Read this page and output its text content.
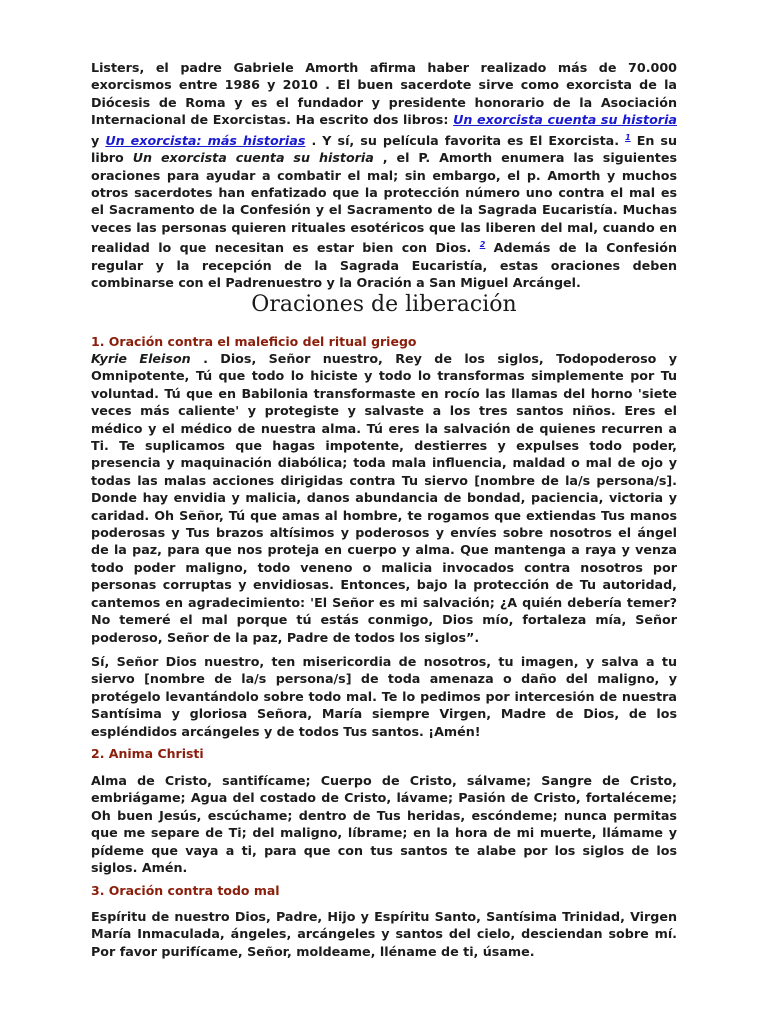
Listers, el padre Gabriele Amorth afirma haber realizado más de 70.000 exorcismos entre 1986 y 2010 . El buen sacerdote sirve como exorcista de la Diócesis de Roma y es el fundador y presidente honorario de la Asociación Internacional de Exorcistas. Ha escrito dos libros: Un exorcista cuenta su historia y Un exorcista: más historias . Y sí, su película favorita es El Exorcista. $^1$ En su libro Un exorcista cuenta su historia , el P. Amorth enumera las siguientes oraciones para ayudar a combatir el mal; sin embargo, el p. Amorth y muchos otros sacerdotes han enfatizado que la protección número uno contra el mal es el Sacramento de la Confesión y el Sacramento de la Sagrada Eucaristía. Muchas veces las personas quieren rituales esotéricos que las liberen del mal, cuando en realidad lo que necesitan es estar bien con Dios. $^2$ Además de la Confesión regular y la recepción de la Sagrada Eucaristía, estas oraciones deben combinarse con el Padrenuestro y la Oración a San Miguel Arcángel.

Oraciones de liberación
1. Oración contra el maleficio del ritual griego

Kyrie Eleison . Dios, Señor nuestro, Rey de los siglos, Todopoderoso y Omnipotente, Tú que todo lo hiciste y todo lo transformas simplemente por Tu voluntad. Tú que en Babilonia transformaste en rocío las llamas del horno 'siete veces más caliente' y protegiste y salvaste a los tres santos niños. Eres el médico y el médico de nuestra alma. Tú eres la salvación de quienes recurren a Ti. Te suplicamos que hagas impotente, destierres y expulses todo poder, presencia y maquinación diabólica; toda mala influencia, maldad o mal de ojo y todas las malas acciones dirigidas contra Tu siervo [nombre de la/s persona/s]. Donde hay envidia y malicia, danos abundancia de bondad, paciencia, victoria y caridad. Oh Señor, Tú que amas al hombre, te rogamos que extiendas Tus manos poderosas y Tus brazos altísimos y poderosos y envíes sobre nosotros el ángel de la paz, para que nos proteja en cuerpo y alma. Que mantenga a raya y venza todo poder maligno, todo veneno o malicia invocados contra nosotros por personas corruptas y envidiosas. Entonces, bajo la protección de Tu autoridad, cantemos en agradecimiento: 'El Señor es mi salvación; ¿A quién debería temer? No temeré el mal porque tú estás conmigo, Dios mío, fortaleza mía, Señor poderoso, Señor de la paz, Padre de todos los siglos”.

Sí, Señor Dios nuestro, ten misericordia de nosotros, tu imagen, y salva a tu siervo [nombre de la/s persona/s] de toda amenaza o daño del maligno, y protégelo levantándolo sobre todo mal. Te lo pedimos por intercesión de nuestra Santísima y gloriosa Señora, María siempre Virgen, Madre de Dios, de los espléndidos arcángeles y de todos Tus santos. ¡Amén!

2. Anima Christi

Alma de Cristo, santifícame; Cuerpo de Cristo, sálvame; Sangre de Cristo, embriágame; Agua del costado de Cristo, lávame; Pasión de Cristo, fortaléceme; Oh buen Jesús, escúchame; dentro de Tus heridas, escóndeme; nunca permitas que me separe de Ti; del maligno, líbrame; en la hora de mi muerte, llámame y pídeme que vaya a ti, para que con tus santos te alabe por los siglos de los siglos. Amén.

3. Oración contra todo mal

Espíritu de nuestro Dios, Padre, Hijo y Espíritu Santo, Santísima Trinidad, Virgen María Inmaculada, ángeles, arcángeles y santos del cielo, desciendan sobre mí. Por favor purifícame, Señor, moldeame, lléname de ti, úsame.
